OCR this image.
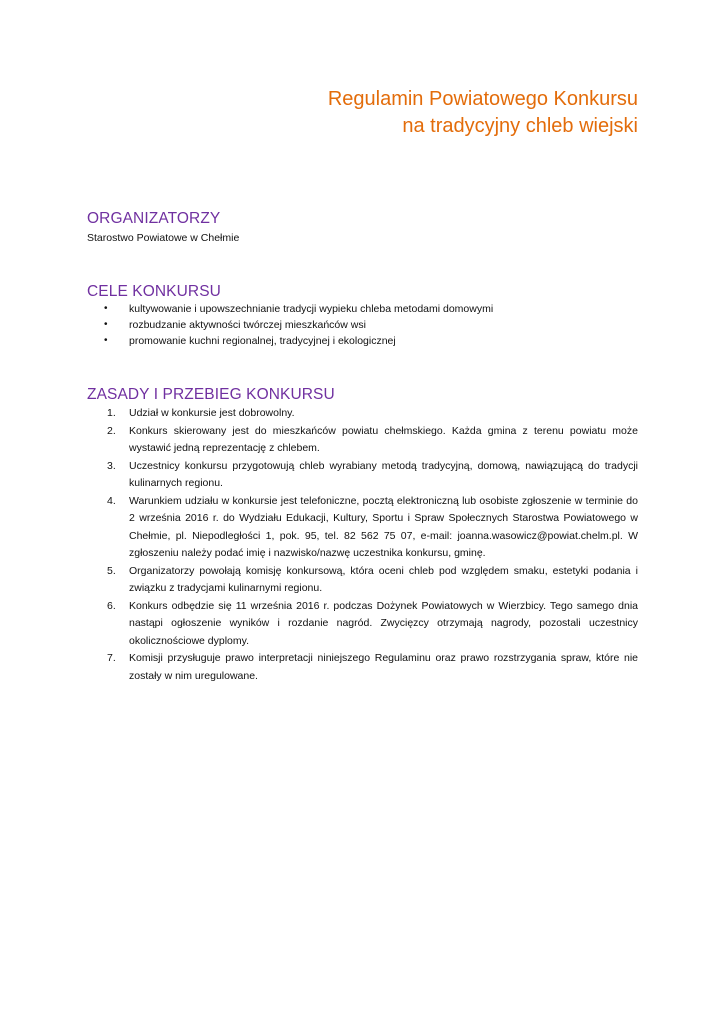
Regulamin Powiatowego Konkursu
na tradycyjny chleb wiejski
ORGANIZATORZY

Starostwo Powiatowe w Chełmie

CELE KONKURSU
• kultywowanie i upowszechnianie tradycji wypieku chleba metodami domowymi
• rozbudzanie aktywności twórczej mieszkańców wsi
• promowanie kuchni regionalnej, tradycyjnej i ekologicznej
ZASADY I PRZEBIEG KONKURSU
1. Udział w konkursie jest dobrowolny.
2. Konkurs skierowany jest do mieszkańców powiatu chełmskiego. Każda gmina z terenu powiatu może wystawić jedną reprezentację z chlebem.
3. Uczestnicy konkursu przygotowują chleb wyrabiany metodą tradycyjną, domową, nawiązującą do tradycji kulinarnych regionu.
4. Warunkiem udziału w konkursie jest telefoniczne, pocztą elektroniczną lub osobiste zgłoszenie w terminie do 2 września 2016 r. do Wydziału Edukacji, Kultury, Sportu i Spraw Społecznych Starostwa Powiatowego w Chełmie, pl. Niepodległości 1, pok. 95, tel. 82 562 75 07, e-mail: joanna.wasowicz@powiat.chelm.pl. W zgłoszeniu należy podać imię i nazwisko/nazwę uczestnika konkursu, gminę.
5. Organizatorzy powołają komisję konkursową, która oceni chleb pod względem smaku, estetyki podania i związku z tradycjami kulinarnymi regionu.
6. Konkurs odbędzie się 11 września 2016 r. podczas Dożynek Powiatowych w Wierzbicy. Tego samego dnia nastąpi ogłoszenie wyników i rozdanie nagród. Zwycięzcy otrzymają nagrody, pozostali uczestnicy okolicznościowe dyplomy.
7. Komisji przysługuje prawo interpretacji niniejszego Regulaminu oraz prawo rozstrzygania spraw, które nie zostały w nim uregulowane.
